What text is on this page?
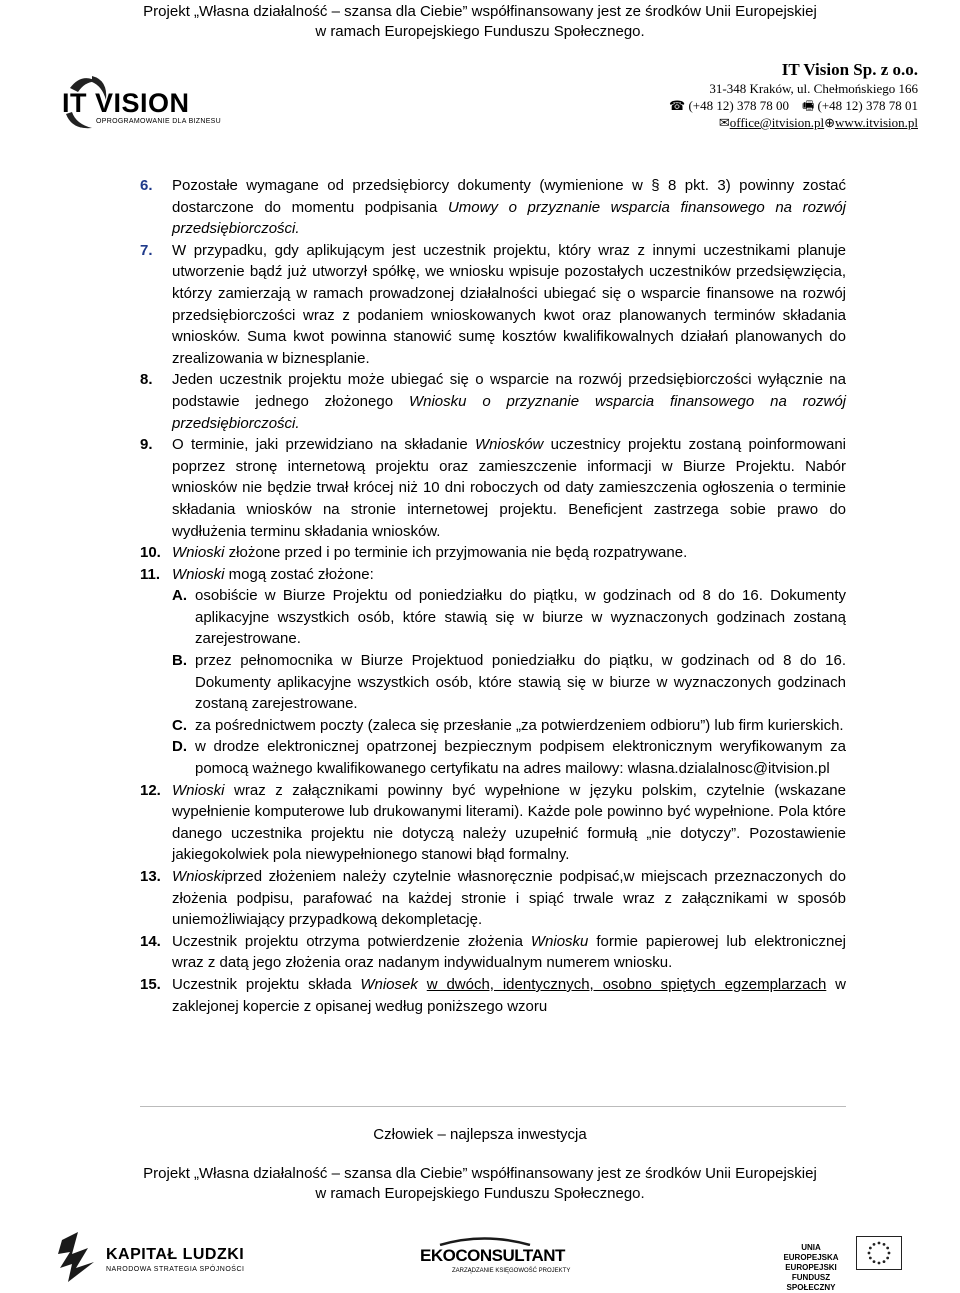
Projekt „Własna działalność – szansa dla Ciebie” współfinansowany jest ze środków Unii Europejskiej
w ramach Europejskiego Funduszu Społecznego.
IT VISION
OPROGRAMOWANIE DLA BIZNESU
IT Vision Sp. z o.o.
31-348 Kraków, ul. Chełmońskiego 166
☎ (+48 12) 378 78 00 🖷 (+48 12) 378 78 01
✉office@itvision.pl⊕www.itvision.pl
6. Pozostałe wymagane od przedsiębiorcy dokumenty (wymienione w § 8 pkt. 3) powinny zostać dostarczone do momentu podpisania Umowy o przyznanie wsparcia finansowego na rozwój przedsiębiorczości.
7. W przypadku, gdy aplikującym jest uczestnik projektu, który wraz z innymi uczestnikami planuje utworzenie bądź już utworzył spółkę, we wniosku wpisuje pozostałych uczestników przedsięwzięcia, którzy zamierzają w ramach prowadzonej działalności ubiegać się o wsparcie finansowe na rozwój przedsiębiorczości wraz z podaniem wnioskowanych kwot oraz planowanych terminów składania wniosków. Suma kwot powinna stanowić sumę kosztów kwalifikowalnych działań planowanych do zrealizowania w biznesplanie.
8. Jeden uczestnik projektu może ubiegać się o wsparcie na rozwój przedsiębiorczości wyłącznie na podstawie jednego złożonego Wniosku o przyznanie wsparcia finansowego na rozwój przedsiębiorczości.
9. O terminie, jaki przewidziano na składanie Wniosków uczestnicy projektu zostaną poinformowani poprzez stronę internetową projektu oraz zamieszczenie informacji w Biurze Projektu. Nabór wniosków nie będzie trwał krócej niż 10 dni roboczych od daty zamieszczenia ogłoszenia o terminie składania wniosków na stronie internetowej projektu. Beneficjent zastrzega sobie prawo do wydłużenia terminu składania wniosków.
10. Wnioski złożone przed i po terminie ich przyjmowania nie będą rozpatrywane.
11. Wnioski mogą zostać złożone:
A. osobiście w Biurze Projektu od poniedziałku do piątku, w godzinach od 8 do 16. Dokumenty aplikacyjne wszystkich osób, które stawią się w biurze w wyznaczonych godzinach zostaną zarejestrowane.
B. przez pełnomocnika w Biurze Projektuod poniedziałku do piątku, w godzinach od 8 do 16. Dokumenty aplikacyjne wszystkich osób, które stawią się w biurze w wyznaczonych godzinach zostaną zarejestrowane.
C. za pośrednictwem poczty (zaleca się przesłanie „za potwierdzeniem odbioru”) lub firm kurierskich.
D. w drodze elektronicznej opatrzonej bezpiecznym podpisem elektronicznym weryfikowanym za pomocą ważnego kwalifikowanego certyfikatu na adres mailowy: wlasna.dzialalnosc@itvision.pl
12. Wnioski wraz z załącznikami powinny być wypełnione w języku polskim, czytelnie (wskazane wypełnienie komputerowe lub drukowanymi literami). Każde pole powinno być wypełnione. Pola które danego uczestnika projektu nie dotyczą należy uzupełnić formułą „nie dotyczy”. Pozostawienie jakiegokolwiek pola niewypełnionego stanowi błąd formalny.
13. Wnioskiprzed złożeniem należy czytelnie własnoręcznie podpisać,w miejscach przeznaczonych do złożenia podpisu, parafować na każdej stronie i spiąć trwale wraz z załącznikami w sposób uniemożliwiający przypadkową dekompletację.
14. Uczestnik projektu otrzyma potwierdzenie złożenia Wniosku formie papierowej lub elektronicznej wraz z datą jego złożenia oraz nadanym indywidualnym numerem wniosku.
15. Uczestnik projektu składa Wniosek w dwóch, identycznych, osobno spiętych egzemplarzach w zaklejonej kopercie z opisanej według poniższego wzoru
Człowiek – najlepsza inwestycja
Projekt „Własna działalność – szansa dla Ciebie” współfinansowany jest ze środków Unii Europejskiej
w ramach Europejskiego Funduszu Społecznego.
KAPITAŁ LUDZKI
NARODOWA STRATEGIA SPÓJNOŚCI
EKOCONSULTANT
ZARZĄDZANIE KSIĘGOWOŚĆ PROJEKTY
UNIA EUROPEJSKA EUROPEJSKI FUNDUSZ SPOŁECZNY
